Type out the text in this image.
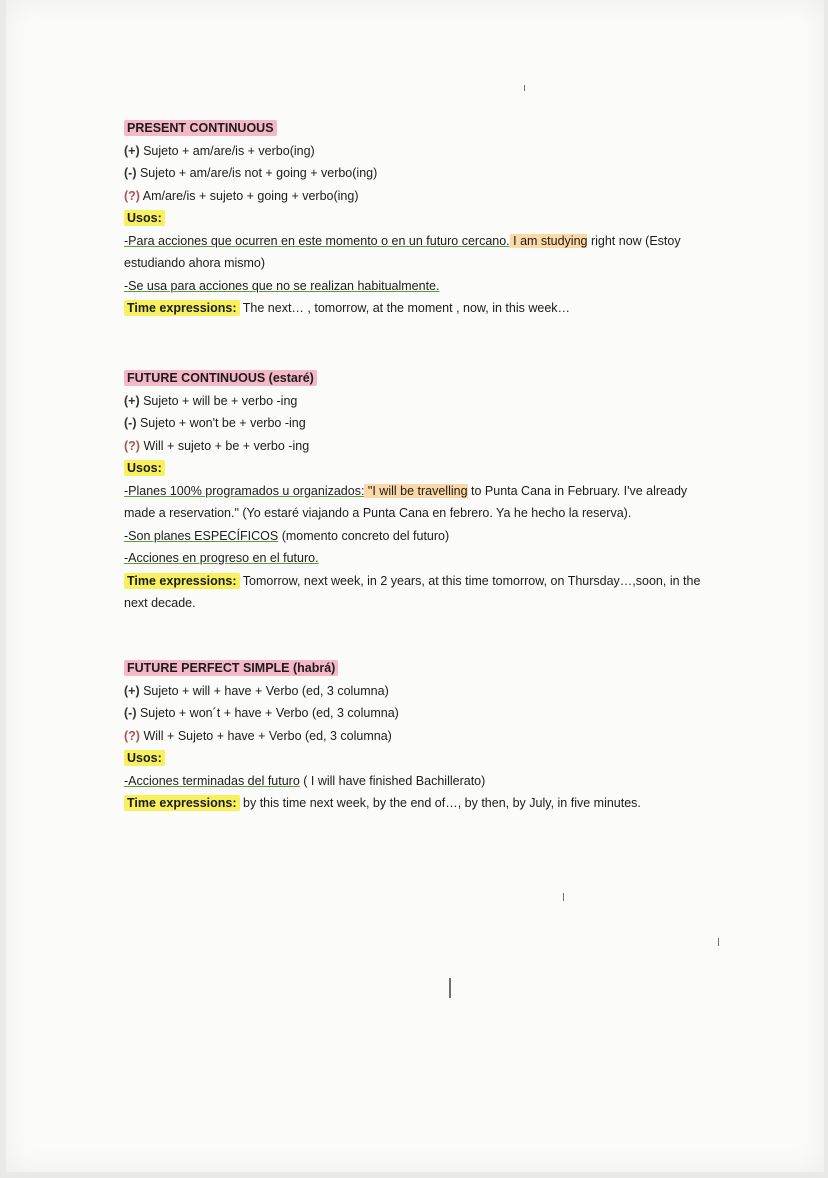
PRESENT CONTINUOUS
(+) Sujeto + am/are/is + verbo(ing)
(-) Sujeto + am/are/is not + going + verbo(ing)
(?) Am/are/is + sujeto + going + verbo(ing)
Usos:
-Para acciones que ocurren en este momento o en un futuro cercano. I am studying right now (Estoy estudiando ahora mismo)
-Se usa para acciones que no se realizan habitualmente.
Time expressions: The next… , tomorrow, at the moment , now, in this week…
FUTURE CONTINUOUS (estaré)
(+) Sujeto + will be + verbo -ing
(-) Sujeto + won't be + verbo -ing
(?) Will + sujeto + be + verbo -ing
Usos:
-Planes 100% programados u organizados: "I will be travelling to Punta Cana in February. I've already made a reservation." (Yo estaré viajando a Punta Cana en febrero. Ya he hecho la reserva).
-Son planes ESPECÍFICOS (momento concreto del futuro)
-Acciones en progreso en el futuro.
Time expressions: Tomorrow, next week, in 2 years, at this time tomorrow, on Thursday…,soon, in the next decade.
FUTURE PERFECT SIMPLE (habrá)
(+) Sujeto + will + have + Verbo (ed, 3 columna)
(-) Sujeto + won´t + have + Verbo (ed, 3 columna)
(?) Will + Sujeto + have + Verbo (ed, 3 columna)
Usos:
-Acciones terminadas del futuro ( I will have finished Bachillerato)
Time expressions: by this time next week, by the end of…, by then, by July, in five minutes.
